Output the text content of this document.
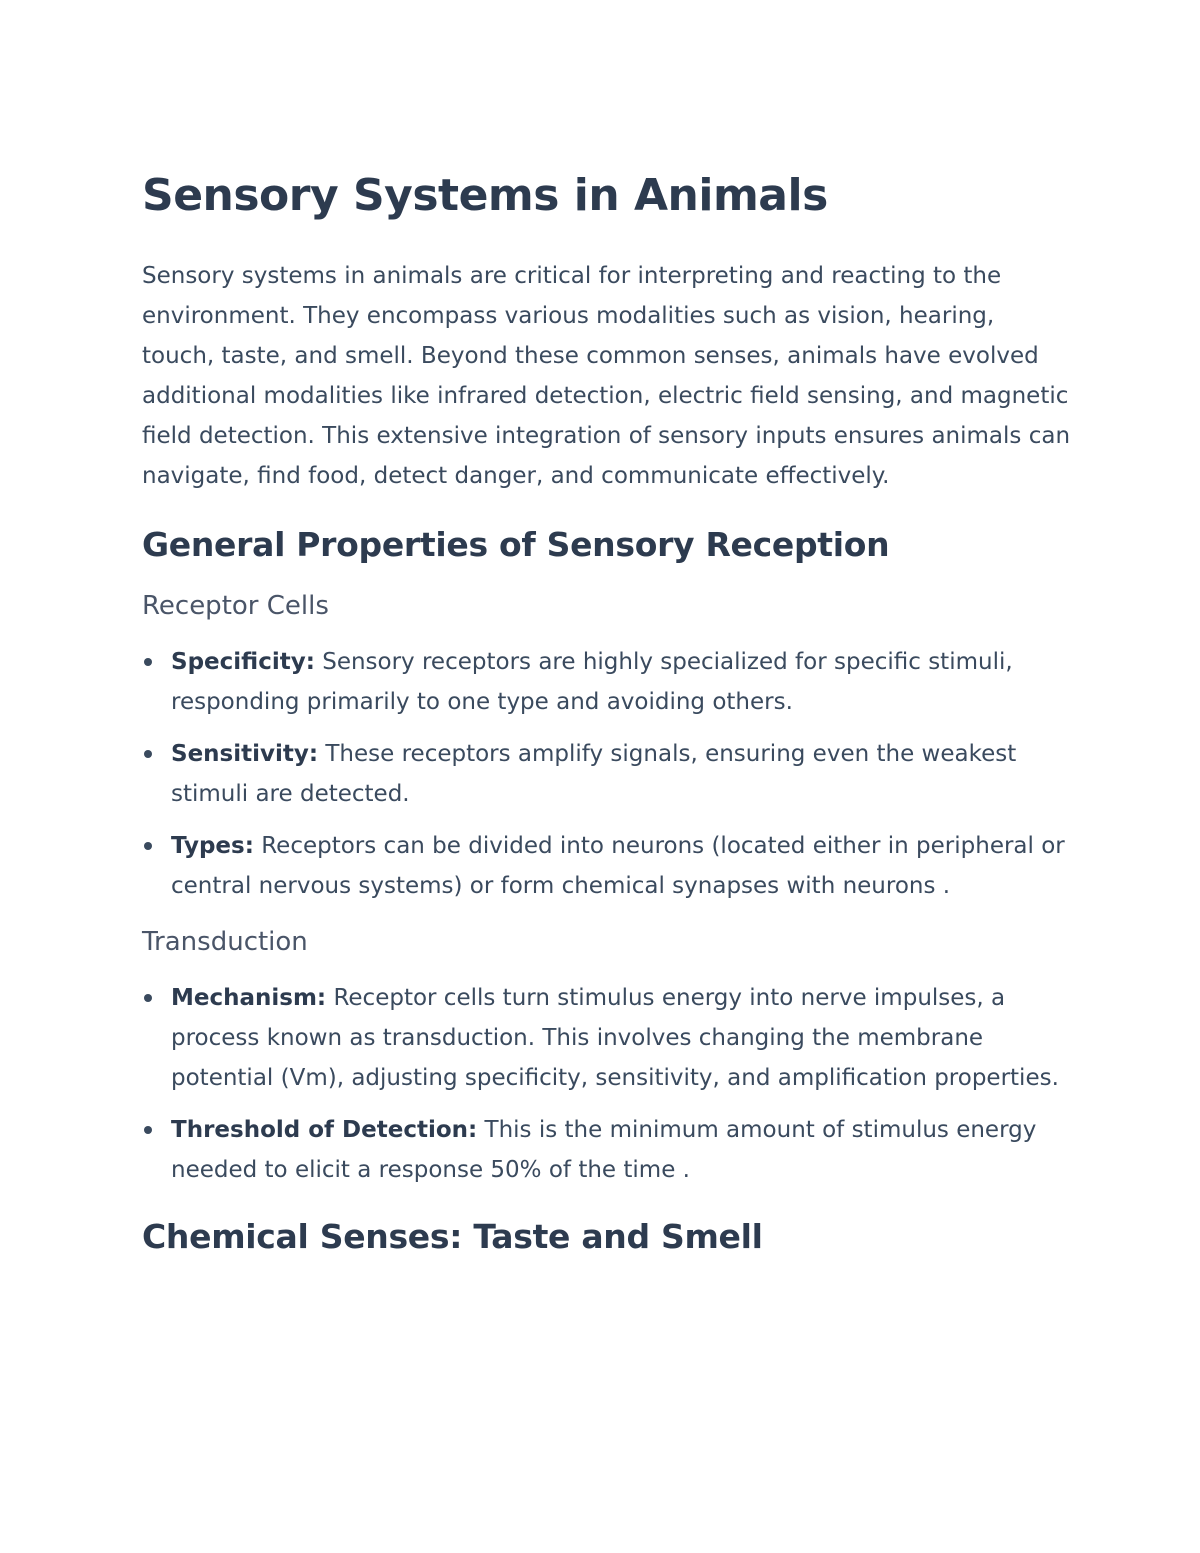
Sensory Systems in Animals

Sensory systems in animals are critical for interpreting and reacting to the environment. They encompass various modalities such as vision, hearing, touch, taste, and smell. Beyond these common senses, animals have evolved additional modalities like infrared detection, electric field sensing, and magnetic field detection. This extensive integration of sensory inputs ensures animals can navigate, find food, detect danger, and communicate effectively.

General Properties of Sensory Reception
Receptor Cells
Specificity: Sensory receptors are highly specialized for specific stimuli, responding primarily to one type and avoiding others.
Sensitivity: These receptors amplify signals, ensuring even the weakest stimuli are detected.
Types: Receptors can be divided into neurons (located either in peripheral or central nervous systems) or form chemical synapses with neurons .
Transduction
Mechanism: Receptor cells turn stimulus energy into nerve impulses, a process known as transduction. This involves changing the membrane potential (Vm), adjusting specificity, sensitivity, and amplification properties.
Threshold of Detection: This is the minimum amount of stimulus energy needed to elicit a response 50% of the time .
Chemical Senses: Taste and Smell
